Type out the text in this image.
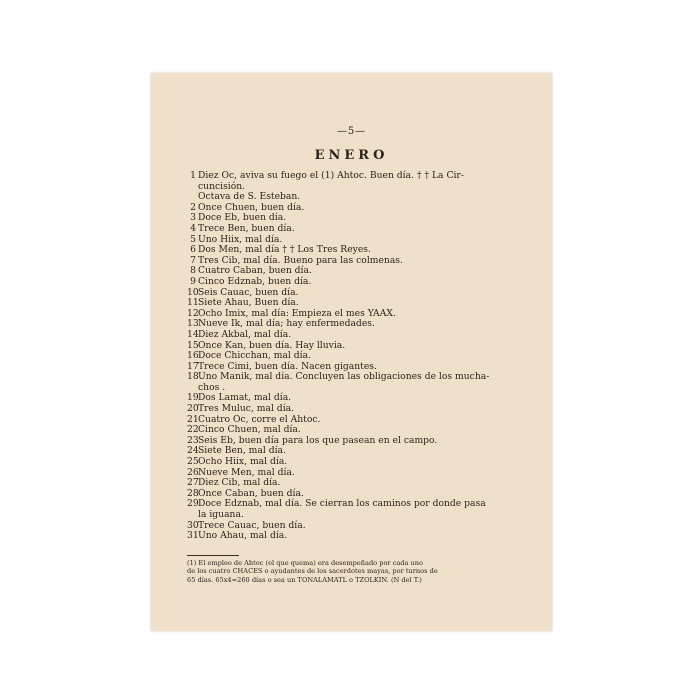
—5—
ENERO
1 Diez Oc, aviva su fuego el (1) Ahtoc. Buen día. † † La Cir-
cuncisión.
Octava de S. Esteban.
2 Once Chuen, buen día.
3 Doce Eb, buen día.
4 Trece Ben, buen día.
5 Uno Hiix, mal día.
6 Dos Men, mal día † † Los Tres Reyes.
7 Tres Cib, mal día. Bueno para las colmenas.
8 Cuatro Caban, buen día.
9 Cinco Edznab, buen día.
10 Seis Cauac, buen día.
11 Siete Ahau, Buen día.
12 Ocho Imix, mal día: Empieza el mes YAAX.
13 Nueve Ik, mal día; hay enfermedades.
14 Diez Akbal, mal día.
15 Once Kan, buen día. Hay lluvia.
16 Doce Chicchan, mal día.
17 Trece Cimi, buen día. Nacen gigantes.
18 Uno Manik, mal día. Concluyen las obligaciones de los mucha-
chos .
19 Dos Lamat, mal día.
20 Tres Muluc, mal día.
21 Cuatro Oc, corre el Ahtoc.
22 Cinco Chuen, mal día.
23 Seis Eb, buen día para los que pasean en el campo.
24 Siete Ben, mal día.
25 Ocho Hiix, mal día.
26 Nueve Men, mal día.
27 Diez Cib, mal día.
28 Once Caban, buen día.
29 Doce Edznab, mal día. Se cierran los caminos por donde pasa
la iguana.
30 Trece Cauac, buen día.
31 Uno Ahau, mal día.
(1) El empleo de Ahtoc (el que quema) era desempeñado por cada uno
de los cuatro CHACES o ayudantes de los sacerdotes mayas, por turnos de
65 días. 65x4=260 días o sea un TONALAMATL o TZOLKIN. (N del T.)
